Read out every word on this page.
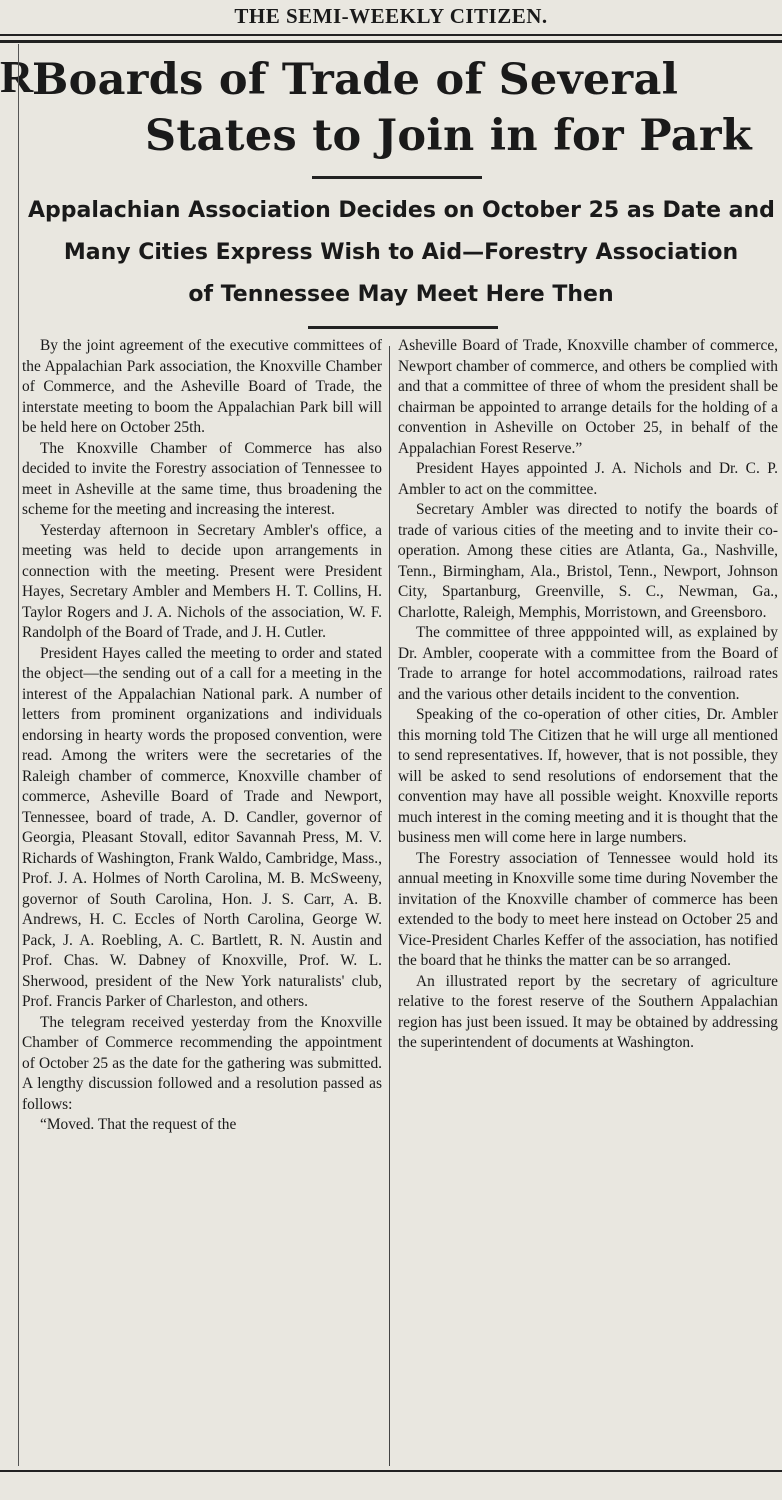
THE SEMI-WEEKLY CITIZEN.
R
Boards of Trade of Several
States to Join in for Park
Appalachian Association Decides on October 25 as Date and
Many Cities Express Wish to Aid—Forestry Association
of Tennessee May Meet Here Then

By the joint agreement of the executive committees of the Appalachian Park association, the Knoxville Chamber of Commerce, and the Asheville Board of Trade, the interstate meeting to boom the Appalachian Park bill will be held here on October 25th.

The Knoxville Chamber of Commerce has also decided to invite the Forestry association of Tennessee to meet in Asheville at the same time, thus broadening the scheme for the meeting and increasing the interest.

Yesterday afternoon in Secretary Ambler's office, a meeting was held to decide upon arrangements in connection with the meeting. Present were President Hayes, Secretary Ambler and Members H. T. Collins, H. Taylor Rogers and J. A. Nichols of the association, W. F. Randolph of the Board of Trade, and J. H. Cutler.

President Hayes called the meeting to order and stated the object—the sending out of a call for a meeting in the interest of the Appalachian National park. A number of letters from prominent organizations and individuals endorsing in hearty words the proposed convention, were read. Among the writers were the secretaries of the Raleigh chamber of commerce, Knoxville chamber of commerce, Asheville Board of Trade and Newport, Tennessee, board of trade, A. D. Candler, governor of Georgia, Pleasant Stovall, editor Savannah Press, M. V. Richards of Washington, Frank Waldo, Cambridge, Mass., Prof. J. A. Holmes of North Carolina, M. B. McSweeny, governor of South Carolina, Hon. J. S. Carr, A. B. Andrews, H. C. Eccles of North Carolina, George W. Pack, J. A. Roebling, A. C. Bartlett, R. N. Austin and Prof. Chas. W. Dabney of Knoxville, Prof. W. L. Sherwood, president of the New York naturalists' club, Prof. Francis Parker of Charleston, and others.

The telegram received yesterday from the Knoxville Chamber of Commerce recommending the appointment of October 25 as the date for the gathering was submitted. A lengthy discussion followed and a resolution passed as follows:

“Moved. That the request of the

Asheville Board of Trade, Knoxville chamber of commerce, Newport chamber of commerce, and others be complied with and that a committee of three of whom the president shall be chairman be appointed to arrange details for the holding of a convention in Asheville on October 25, in behalf of the Appalachian Forest Reserve.”

President Hayes appointed J. A. Nichols and Dr. C. P. Ambler to act on the committee.

Secretary Ambler was directed to notify the boards of trade of various cities of the meeting and to invite their co-operation. Among these cities are Atlanta, Ga., Nashville, Tenn., Birmingham, Ala., Bristol, Tenn., Newport, Johnson City, Spartanburg, Greenville, S. C., Newman, Ga., Charlotte, Raleigh, Memphis, Morristown, and Greensboro.

The committee of three apppointed will, as explained by Dr. Ambler, cooperate with a committee from the Board of Trade to arrange for hotel accommodations, railroad rates and the various other details incident to the convention.

Speaking of the co-operation of other cities, Dr. Ambler this morning told The Citizen that he will urge all mentioned to send representatives. If, however, that is not possible, they will be asked to send resolutions of endorsement that the convention may have all possible weight. Knoxville reports much interest in the coming meeting and it is thought that the business men will come here in large numbers.

The Forestry association of Tennessee would hold its annual meeting in Knoxville some time during November the invitation of the Knoxville chamber of commerce has been extended to the body to meet here instead on October 25 and Vice-President Charles Keffer of the association, has notified the board that he thinks the matter can be so arranged.

An illustrated report by the secretary of agriculture relative to the forest reserve of the Southern Appalachian region has just been issued. It may be obtained by addressing the superintendent of documents at Washington.
